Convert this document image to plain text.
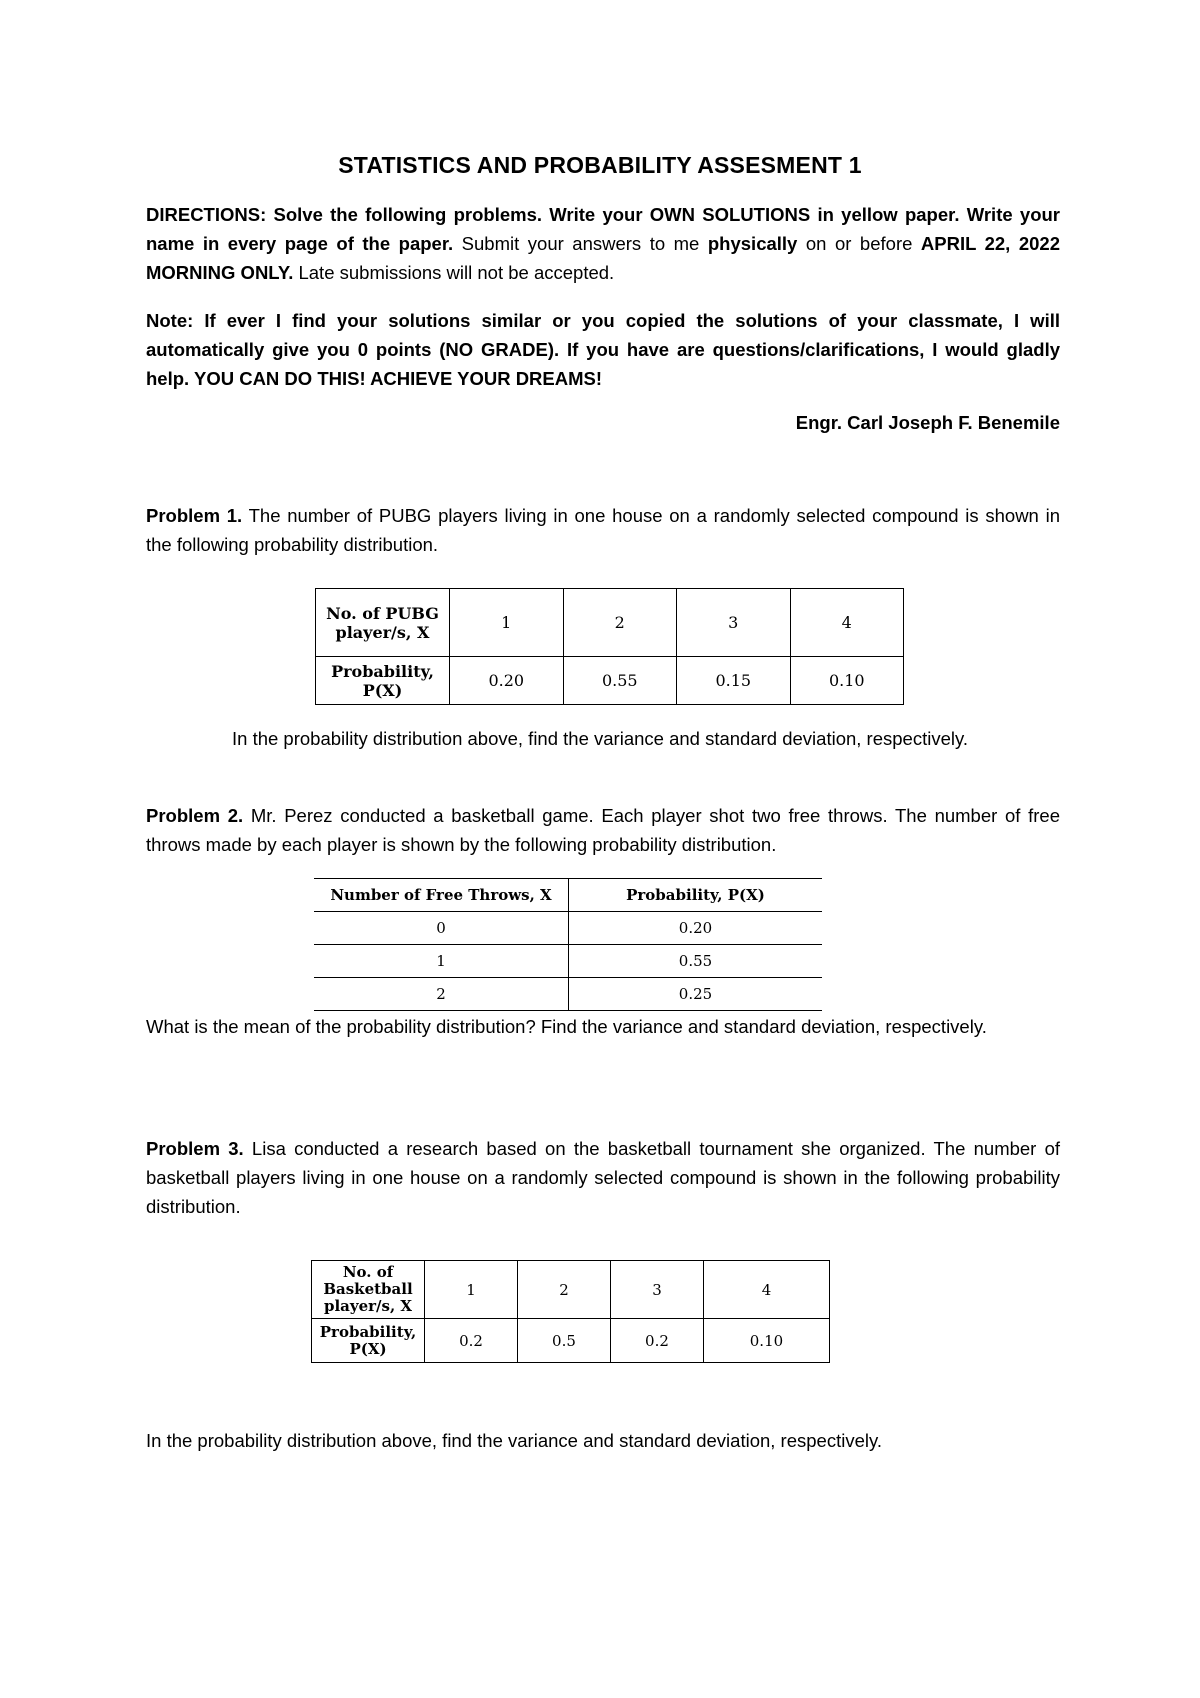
STATISTICS AND PROBABILITY ASSESMENT 1
DIRECTIONS: Solve the following problems. Write your OWN SOLUTIONS in yellow paper. Write your name in every page of the paper. Submit your answers to me physically on or before APRIL 22, 2022 MORNING ONLY. Late submissions will not be accepted.
Note: If ever I find your solutions similar or you copied the solutions of your classmate, I will automatically give you 0 points (NO GRADE). If you have are questions/clarifications, I would gladly help. YOU CAN DO THIS! ACHIEVE YOUR DREAMS!
Engr. Carl Joseph F. Benemile
Problem 1. The number of PUBG players living in one house on a randomly selected compound is shown in the following probability distribution.
No. of PUBG player/s, X	1	2	3	4
Probability, P(X)	0.20	0.55	0.15	0.10
In the probability distribution above, find the variance and standard deviation, respectively.
Problem 2. Mr. Perez conducted a basketball game. Each player shot two free throws. The number of free throws made by each player is shown by the following probability distribution.
Number of Free Throws, X	Probability, P(X)
0	0.20
1	0.55
2	0.25
What is the mean of the probability distribution? Find the variance and standard deviation, respectively.
Problem 3. Lisa conducted a research based on the basketball tournament she organized. The number of basketball players living in one house on a randomly selected compound is shown in the following probability distribution.
No. of Basketball player/s, X	1	2	3	4
Probability, P(X)	0.2	0.5	0.2	0.10
In the probability distribution above, find the variance and standard deviation, respectively.
